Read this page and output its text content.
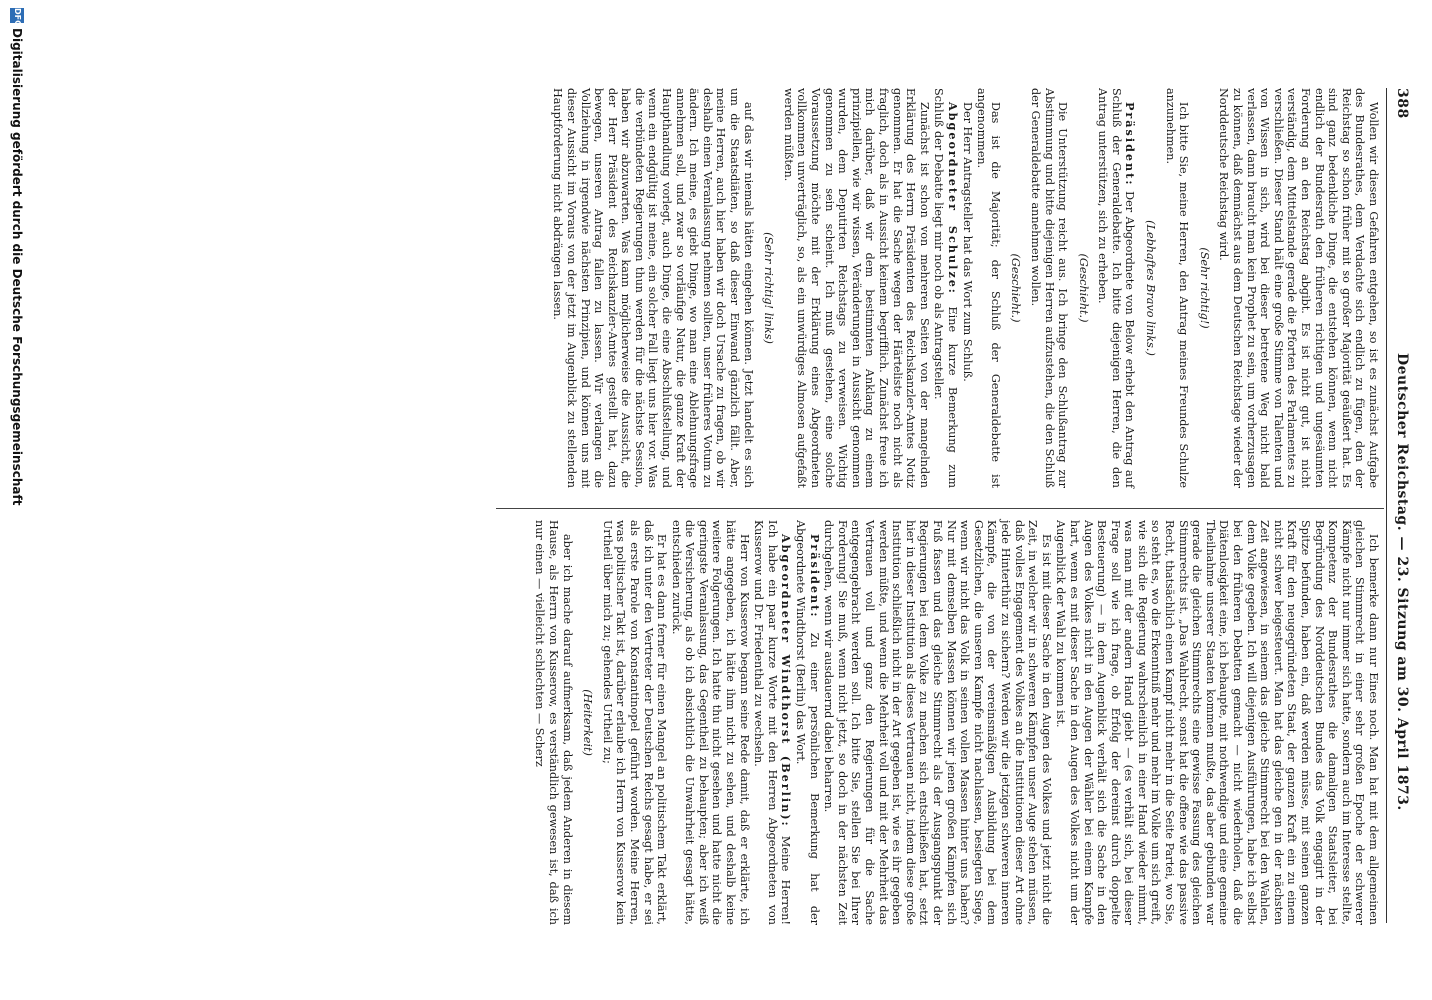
388
Deutscher Reichstag. — 23. Sitzung am 30. April 1873.

Wollen wir diesen Gefahren entgehen, so ist es zunächst Aufgabe des Bundesrathes, dem Verdachte sich endlich zu fügen, den der Reichstag so schon früher mit so großer Majorität geäußert hat. Es sind ganz bedenkliche Dinge, die entstehen können, wenn nicht endlich der Bundesrath den früheren richtigen und ungesäumten Forderung an den Reichstag abgibt. Es ist nicht gut, ist nicht verständig, dem Mittelstande gerade die Pforten des Parlamentes zu verschließen. Dieser Stand hält eine große Stimme von Talenten und von Wissen in sich, wird bei dieser betretene Weg nicht bald verlassen, dann braucht man kein Prophet zu sein, um vorherzusagen zu können, daß demnächst aus dem Deutschen Reichstage wieder der Norddeutsche Reichstag wird.

(Sehr richtig!)

Ich bitte Sie, meine Herren, den Antrag meines Freundes Schulze anzunehmen.

(Lebhaftes Bravo links.)

Präsident: Der Abgeordnete von Below erhebt den Antrag auf Schluß der Generaldebatte. Ich bitte diejenigen Herren, die den Antrag unterstützen, sich zu erheben.

(Geschieht.)

Die Unterstützung reicht aus. Ich bringe den Schlußantrag zur Abstimmung und bitte diejenigen Herren aufzustehen, die den Schluß der Generaldebatte annehmen wollen.

(Geschieht.)

Das ist die Majorität; der Schluß der Generaldebatte ist angenommen.

Der Herr Antragsteller hat das Wort zum Schluß.

Abgeordneter Schulze: Eine kurze Bemerkung zum Schluß der Debatte liegt mir noch ob als Antragsteller.

Zunächst ist schon von mehreren Seiten von der mangelnden Erklärung des Herrn Präsidenten des Reichskanzler-Amtes Notiz genommen. Er hat die Sache wegen der Härteliste noch nicht als fraglich, doch als in Aussicht keinem begrifflich. Zunächst freue ich mich darüber, daß wir dem bestimmten Anklang zu einem prinzipiellen, wie wir wissen, Veränderungen in Aussicht genommen wurden, dem Deputirten Reichstags zu verweisen. Wichtig genommen zu sein scheint. Ich muß gestehen, eine solche Voraussetzung möchte mit der Erklärung eines Abgeordneten vollkommen unverträglich, so, als ein unwürdiges Almosen aufgefaßt werden müßten.

(Sehr richtig! links)

auf das wir niemals hätten eingehen können. Jetzt handelt es sich um die Staatsdiäten, so daß dieser Einwand gänzlich fällt. Aber, meine Herren, auch hier haben wir doch Ursache zu fragen, ob wir deshalb einen Veranlassung nehmen sollten, unser früheres Votum zu ändern. Ich meine, es giebt Dinge, wo man eine Ablehnungsfrage annehmen soll, und zwar so vorläufige Natur, die ganze Kraft der Haupthandlung vorlegt, auch Dinge, die eine Abschlußstellung, und wenn ein endgültig ist meine, ein solcher Fall liegt uns hier vor. Was die verbündeten Regierungen thun werden für die nächste Session, haben wir abzuwarten. Was kann möglicherweise die Aussicht, die der Herr Präsident des Reichskanzler-Amtes gestellt hat, dazu bewegen, unseren Antrag fallen zu lassen. Wir verlangen die Vollziehung in irgendwie nächsten Prinzipien, und können uns mit dieser Aussicht im Voraus von der jetzt im Augenblick zu stellenden Hauptforderung nicht abdrängen lassen.

Ich bemerke dann nur Eines noch. Man hat mit dem allgemeinen gleichen Stimmrecht in einer sehr großen Epoche der schwerer Kämpfe nicht nur immer sich hatte, sondern auch im Interesse stellte, Kompetenz der Bundesrathes die damaligen Staatsleiter, bei Begründung des Norddeutschen Bundes das Volk engagirt in der Spitze befunden, haben ein, daß werden müsse, mit seinen ganzen Kraft für den neugegründeten Staat, der ganzen Kraft ein zu einem nicht schwer beigesteuert. Man hat das gleiche gen in der nächsten Zeit angewiesen, in seinem das gleiche Stimmrecht bei den Wahlen, dem Volke gegeben. Ich will diejenigen Ausführungen, habe ich selbst bei den früheren Debatten gemacht — nicht wiederholen, daß die Diätenlosigkeit eine, ich behaupte, mit nothwendige und eine gemeine Theilnahme unserer Staaten kommen mußte, das aber gebunden war gerade die gleichen Stimmrechts eine gewisse Fassung des gleichen Stimmrechts ist. „Das Wahlrecht, sonst hat die offene wie das passive Recht, thatsächlich einen Kampf nicht mehr in die Seite Partei, wo Sie, so steht es, wo die Erkenntniß mehr und mehr im Volke um sich greift, wie sich die Regierung wahrscheinlich in einer Hand wieder nimmt, was man mit der andern Hand giebt — (es verhält sich, bei dieser Frage soll wie ich frage, ob Erfolg der dereinst durch doppelte Besteuerung) — in dem Augenblick verhält sich die Sache in den Augen des Volkes nicht in den Augen der Wähler bei einem Kampfe hart, wenn es mit dieser Sache in den Augen des Volkes nicht um der Augenblick der Wahl zu kommen ist.

Es ist mit dieser Sache in den Augen des Volkes und jetzt nicht die Zeit, in welcher wir in schweren Kämpfen unser Auge stehen müssen, daß volles Engagement des Volkes an die Institutionen dieser Art ohne jede Hinterthür zu sichern? Werden wir die jetzigen schweren inneren Kämpfe, die von der vereinsmäßigen Ausbildung bei dem Gesetzlichen, die unseren Kampfe nicht nachlassen, besiegten Siege, wenn wir nicht das Volk in seinen vollen Massen hinter uns haben? Nur mit demselben Massen können wir jenen großen Kämpfen sich Fuß fassen und das gleiche Stimmrecht als der Ausgangspunkt der Regierungen bei dem Volke zu machen sich entschließen hat, setzt hier in dieser Institution als dieses Vertrauen nicht, indem diese große Institution schließlich nicht in der Art gegeben ist, wie es ihr gegeben werden müßte, und wenn die Mehrheit voll und mit der Mehrheit das Vertrauen voll und ganz den Regierungen für die Sache entgegengebracht werden soll. Ich bitte Sie, stellen Sie bei Ihrer Forderung! Sie muß, wenn nicht jetzt, so doch in der nächsten Zeit durchgehen, wenn wir ausdauernd dabei beharren.

Präsident: Zu einer persönlichen Bemerkung hat der Abgeordnete Windthorst (Berlin) das Wort.

Abgeordneter Windthorst (Berlin): Meine Herren! Ich habe ein paar kurze Worte mit den Herren Abgeordneten von Kusserow und Dr. Friedenthal zu wechseln.

Herr von Kusserow begann seine Rede damit, daß er erklärte, ich hätte angegeben, ich hätte ihm nicht zu sehen, und deshalb keine weitere Folgerungen. Ich hatte thu nicht gesehen und hatte nicht die geringste Veranlassung, das Gegentheil zu behaupten; aber ich weiß die Versicherung, als ob ich absichtlich die Unwahrheit gesagt hätte, entschieden zurück.

Er hat es dann ferner für einen Mangel an politischem Takt erklärt, daß ich unter den Vertreter der Deutschen Reichs gesagt habe, er sei als erste Parole von Konstantinopel geführt worden. Meine Herren, was politischer Takt ist, darüber erlaube ich Herrn von Kusserow kein Urtheil über mich zu; gehendes Urtheil zu;

(Heiterkeit)

aber ich mache darauf aufmerksam, daß jedem Anderen in diesem Hause, als Herrn von Kusserow, es verständlich gewesen ist, daß ich nur einen — vielleicht schlechten — Scherz

DFG
Digitalisierung gefördert durch die Deutsche Forschungsgemeinschaft
